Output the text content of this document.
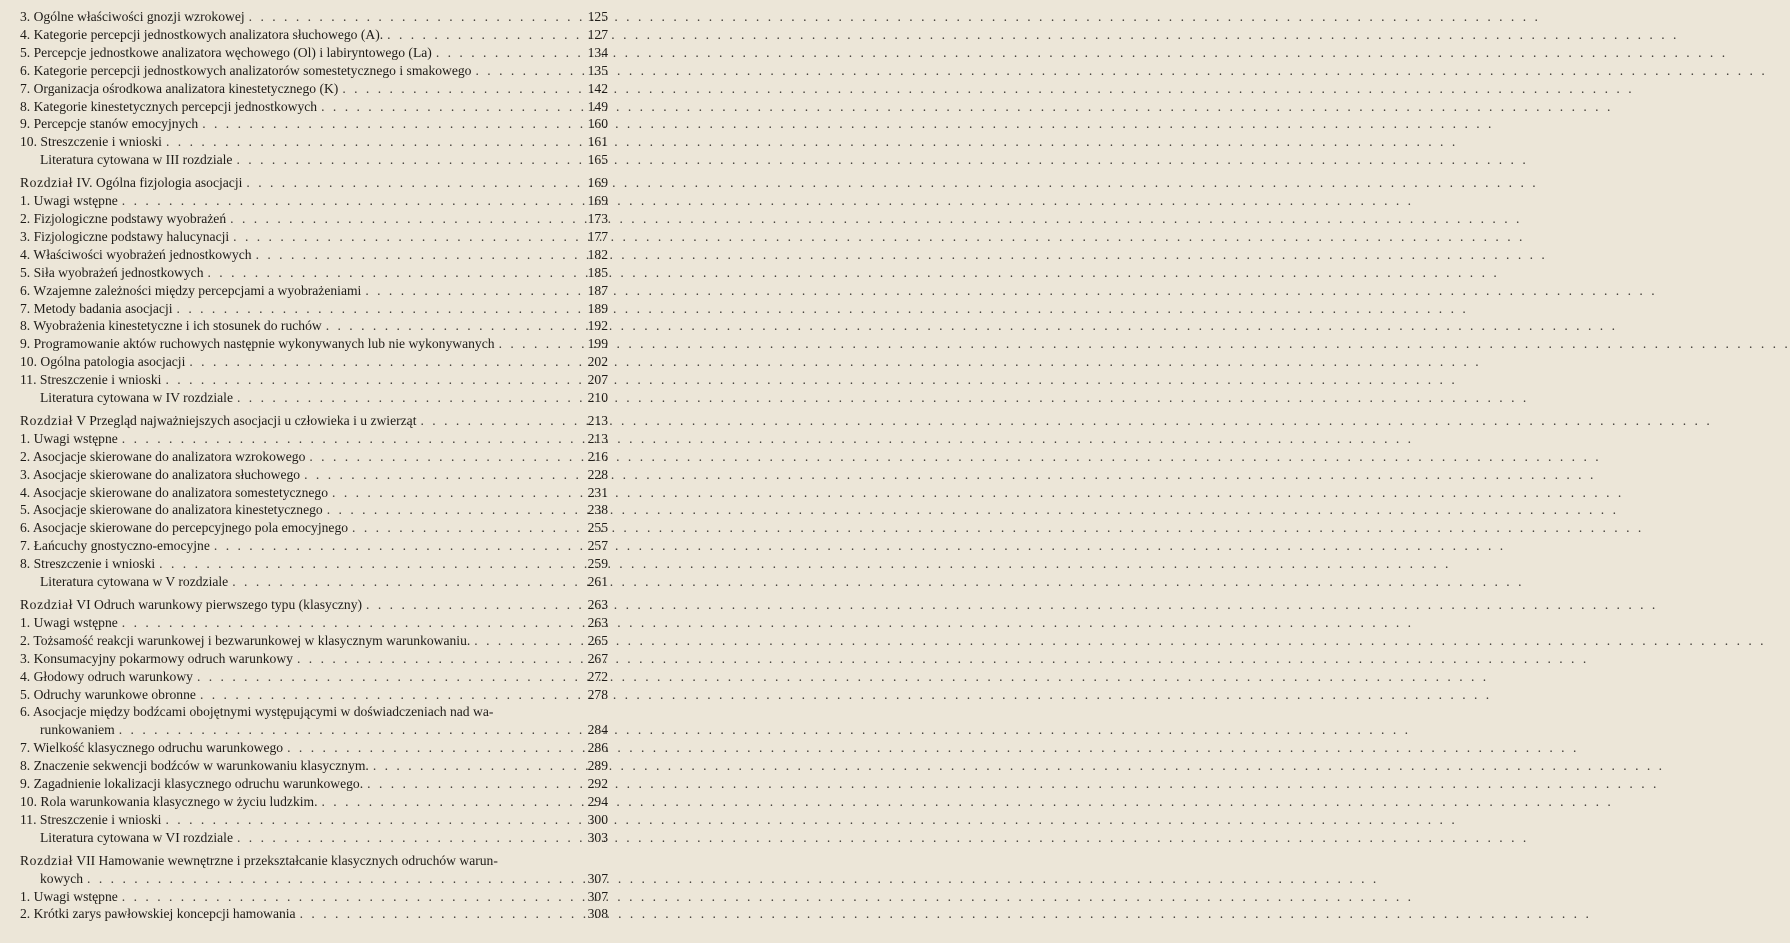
3. Ogólne właściwości gnozji wzrokowej . . .	125
4. Kategorie percepcji jednostkowych analizatora słuchowego (A). . . .	127
5. Percepcje jednostkowe analizatora węchowego (Ol) i labiryntowego (La) . . .	134
6. Kategorie percepcji jednostkowych analizatorów somestetycznego i smakowego . . .	135
7. Organizacja ośrodkowa analizatora kinestetycznego (K) . . .	142
8. Kategorie kinestetycznych percepcji jednostkowych . . .	149
9. Percepcje stanów emocyjnych . . .	160
10. Streszczenie i wnioski . . .	161
Literatura cytowana w III rozdziale . . .	165
Rozdział IV. Ogólna fizjologia asocjacji . . .	169
1. Uwagi wstępne . . .	169
2. Fizjologiczne podstawy wyobrażeń . . .	173
3. Fizjologiczne podstawy halucynacji . . .	177
4. Właściwości wyobrażeń jednostkowych . . .	182
5. Siła wyobrażeń jednostkowych . . .	185
6. Wzajemne zależności między percepcjami a wyobrażeniami . . .	187
7. Metody badania asocjacji . . .	189
8. Wyobrażenia kinestetyczne i ich stosunek do ruchów . . .	192
9. Programowanie aktów ruchowych następnie wykonywanych lub nie wykonywanych . . .	199
10. Ogólna patologia asocjacji . . .	202
11. Streszczenie i wnioski . . .	207
Literatura cytowana w IV rozdziale . . .	210
Rozdział V Przegląd najważniejszych asocjacji u człowieka i u zwierząt . . .	213
1. Uwagi wstępne . . .	213
2. Asocjacje skierowane do analizatora wzrokowego . . .	216
3. Asocjacje skierowane do analizatora słuchowego . . .	228
4. Asocjacje skierowane do analizatora somestetycznego . . .	231
5. Asocjacje skierowane do analizatora kinestetycznego . . .	238
6. Asocjacje skierowane do percepcyjnego pola emocyjnego . . .	255
7. Łańcuchy gnostyczno-emocyjne . . .	257
8. Streszczenie i wnioski . . .	259
Literatura cytowana w V rozdziale . . .	261
Rozdział VI Odruch warunkowy pierwszego typu (klasyczny) . . .	263
1. Uwagi wstępne . . .	263
2. Tożsamość reakcji warunkowej i bezwarunkowej w klasycznym warunkowaniu. . . .	265
3. Konsumacyjny pokarmowy odruch warunkowy . . .	267
4. Głodowy odruch warunkowy . . .	272
5. Odruchy warunkowe obronne . . .	278
6. Asocjacje między bodźcami obojętnymi występującymi w doświadczeniach nad wa-
runkowaniem . . .	284
7. Wielkość klasycznego odruchu warunkowego . . .	286
8. Znaczenie sekwencji bodźców w warunkowaniu klasycznym. . . .	289
9. Zagadnienie lokalizacji klasycznego odruchu warunkowego. . . .	292
10. Rola warunkowania klasycznego w życiu ludzkim. . . .	294
11. Streszczenie i wnioski . . .	300
Literatura cytowana w VI rozdziale . . .	303
Rozdział VII Hamowanie wewnętrzne i przekształcanie klasycznych odruchów warun-
kowych . . .	307
1. Uwagi wstępne . . .	307
2. Krótki zarys pawłowskiej koncepcji hamowania . . .	308
